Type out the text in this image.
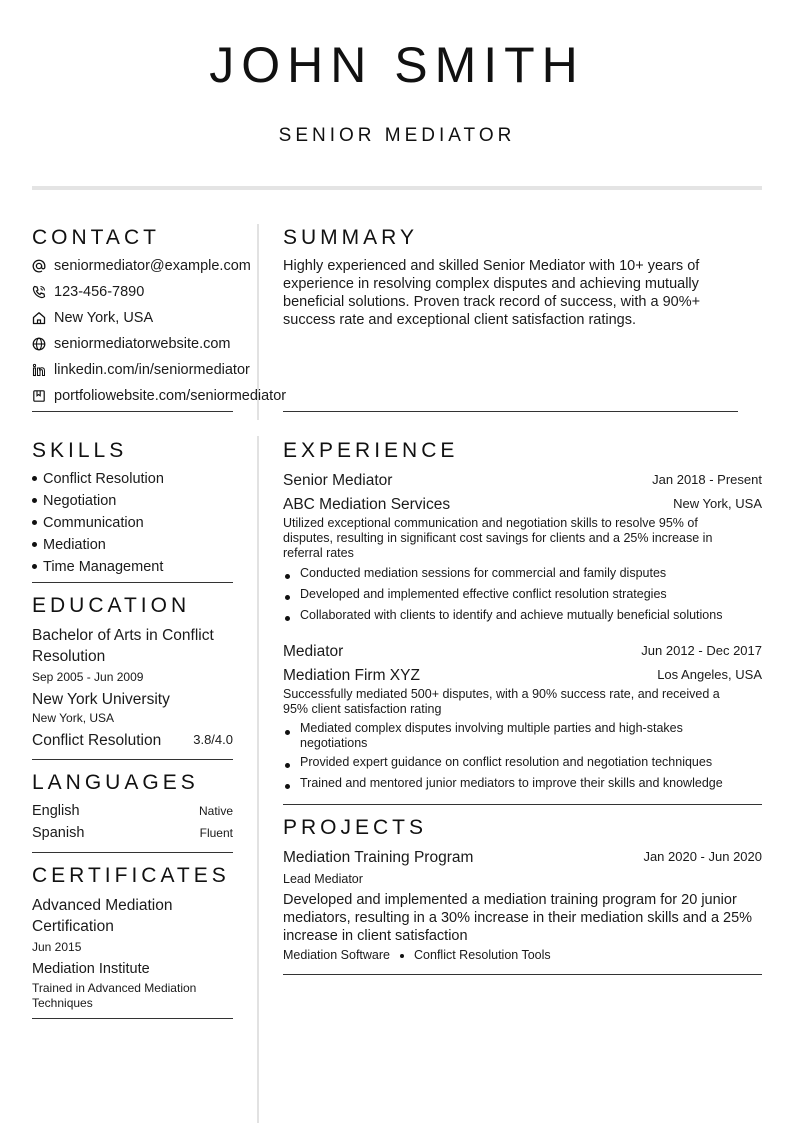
JOHN SMITH
SENIOR MEDIATOR
CONTACT
seniormediator@example.com
123-456-7890
New York, USA
seniormediatorwebsite.com
linkedin.com/in/seniormediator
portfoliowebsite.com/seniormediator
SUMMARY
Highly experienced and skilled Senior Mediator with 10+ years of experience in resolving complex disputes and achieving mutually beneficial solutions. Proven track record of success, with a 90%+ success rate and exceptional client satisfaction ratings.
SKILLS
Conflict Resolution
Negotiation
Communication
Mediation
Time Management
EDUCATION
Bachelor of Arts in Conflict Resolution
Sep 2005 - Jun 2009
New York University
New York, USA
Conflict Resolution	3.8/4.0
LANGUAGES
English	Native
Spanish	Fluent
CERTIFICATES
Advanced Mediation Certification
Jun 2015
Mediation Institute
Trained in Advanced Mediation Techniques
EXPERIENCE
Senior Mediator	Jan 2018 - Present
ABC Mediation Services	New York, USA
Utilized exceptional communication and negotiation skills to resolve 95% of disputes, resulting in significant cost savings for clients and a 25% increase in referral rates
Conducted mediation sessions for commercial and family disputes
Developed and implemented effective conflict resolution strategies
Collaborated with clients to identify and achieve mutually beneficial solutions
Mediator	Jun 2012 - Dec 2017
Mediation Firm XYZ	Los Angeles, USA
Successfully mediated 500+ disputes, with a 90% success rate, and received a 95% client satisfaction rating
Mediated complex disputes involving multiple parties and high-stakes negotiations
Provided expert guidance on conflict resolution and negotiation techniques
Trained and mentored junior mediators to improve their skills and knowledge
PROJECTS
Mediation Training Program	Jan 2020 - Jun 2020
Lead Mediator
Developed and implemented a mediation training program for 20 junior mediators, resulting in a 30% increase in their mediation skills and a 25% increase in client satisfaction
Mediation Software Conflict Resolution Tools
